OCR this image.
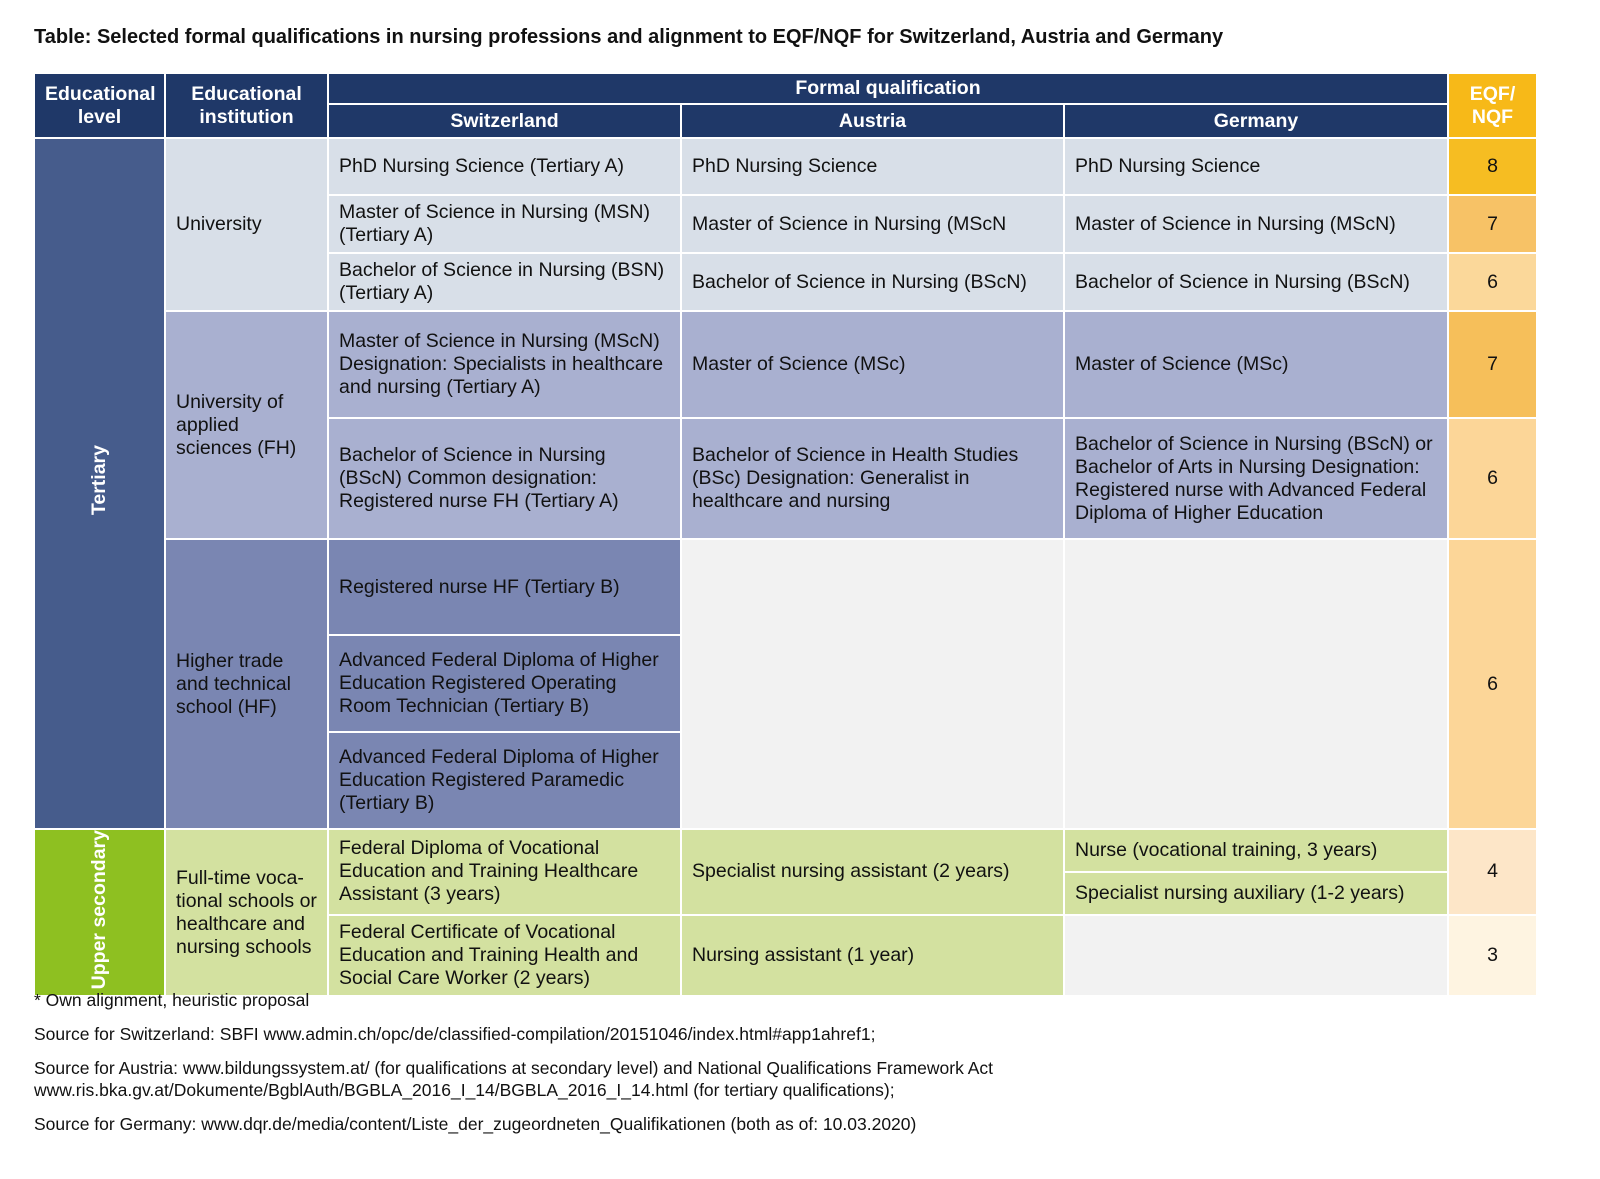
Table: Selected formal qualifications in nursing professions and alignment to EQF/NQF for Switzerland, Austria and Germany
Educational level	Educational institution	Formal qualification			EQF/ NQF
		Switzerland	Austria	Germany	
Tertiary	University	PhD Nursing Science (Tertiary A)	PhD Nursing Science	PhD Nursing Science	8
		Master of Science in Nursing (MSN) (Tertiary A)	Master of Science in Nursing (MScN	Master of Science in Nursing (MScN)	7
		Bachelor of Science in Nursing (BSN) (Tertiary A)	Bachelor of Science in Nursing (BScN)	Bachelor of Science in Nursing (BScN)	6
	University of applied sciences (FH)	Master of Science in Nursing (MScN) Designation: Specialists in healthcare and nursing (Tertiary A)	Master of Science (MSc)	Master of Science (MSc)	7
		Bachelor of Science in Nursing (BScN) Common designation: Registered nurse FH (Tertiary A)	Bachelor of Science in Health Studies (BSc) Designation: Generalist in healthcare and nursing	Bachelor of Science in Nursing (BScN) or Bachelor of Arts in Nursing Designation: Registered nurse with Advanced Federal Diploma of Higher Education	6
	Higher trade and technical school (HF)	Registered nurse HF (Tertiary B)			6
		Advanced Federal Diploma of Higher Education Registered Operating Room Technician (Tertiary B)			
		Advanced Federal Diploma of Higher Education Registered Paramedic (Tertiary B)			
Upper secondary	Full-time voca-tional schools or healthcare and nursing schools	Federal Diploma of Vocational Education and Training Healthcare Assistant (3 years)	Specialist nursing assistant (2 years)	Nurse (vocational training, 3 years)	4
				Specialist nursing auxiliary (1-2 years)	
		Federal Certificate of Vocational Education and Training Health and Social Care Worker (2 years)	Nursing assistant (1 year)		3

* Own alignment, heuristic proposal

Source for Switzerland: SBFI www.admin.ch/opc/de/classified-compilation/20151046/index.html#app1ahref1;

Source for Austria: www.bildungssystem.at/ (for qualifications at secondary level) and National Qualifications Framework Act
www.ris.bka.gv.at/Dokumente/BgblAuth/BGBLA_2016_I_14/BGBLA_2016_I_14.html (for tertiary qualifications);

Source for Germany: www.dqr.de/media/content/Liste_der_zugeordneten_Qualifikationen (both as of: 10.03.2020)
